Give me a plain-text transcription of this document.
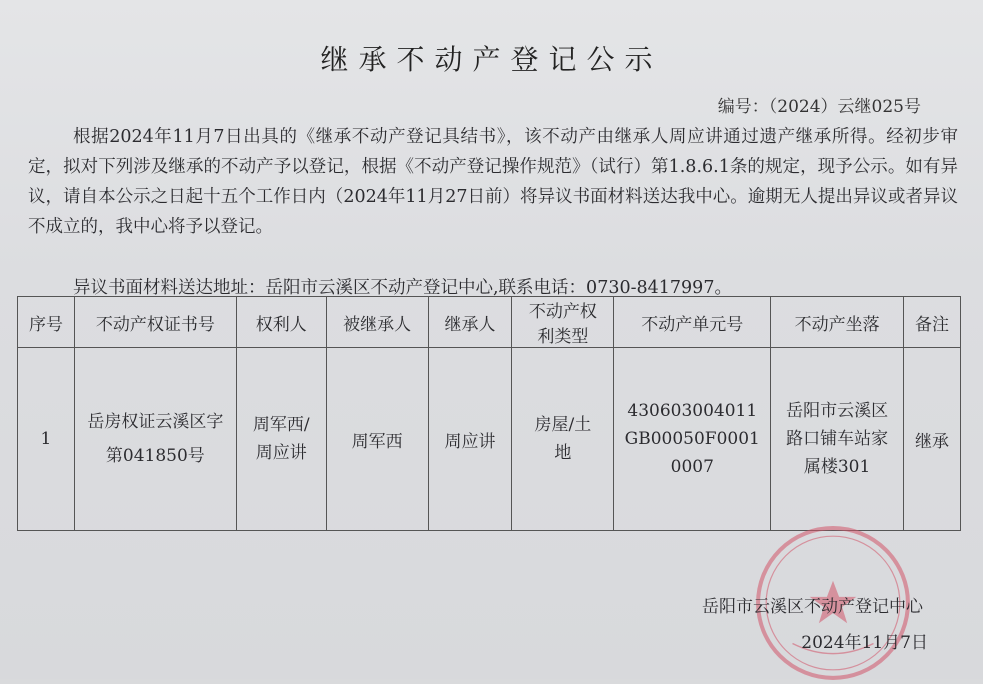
继承不动产登记公示
编号：（2024）云继025号
根据2024年11月7日出具的《继承不动产登记具结书》，该不动产由继承人周应讲通过遗产继承所得。经初步审定，拟对下列涉及继承的不动产予以登记，根据《不动产登记操作规范》（试行）第1.8.6.1条的规定，现予公示。如有异议，请自本公示之日起十五个工作日内（2024年11月27日前）将异议书面材料送达我中心。逾期无人提出异议或者异议不成立的，我中心将予以登记。
异议书面材料送达地址：岳阳市云溪区不动产登记中心,联系电话：0730-8417997。
序号	不动产权证书号	权利人	被继承人	继承人	不动产权利类型	不动产单元号	不动产坐落	备注
1	岳房权证云溪区字第041850号	周军西/周应讲	周军西	周应讲	房屋/土地	430603004011GB00050F00010007	岳阳市云溪区路口铺车站家属楼301	继承
岳阳市云溪区不动产登记中心
2024年11月7日
